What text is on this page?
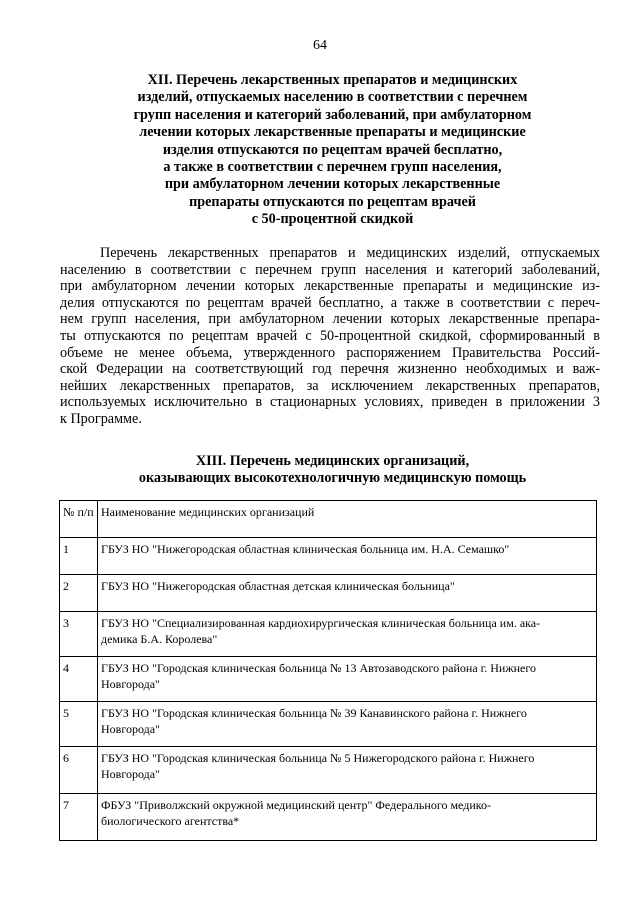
64
XII. Перечень лекарственных препаратов и медицинских
изделий, отпускаемых населению в соответствии с перечнем
групп населения и категорий заболеваний, при амбулаторном
лечении которых лекарственные препараты и медицинские
изделия отпускаются по рецептам врачей бесплатно,
а также в соответствии с перечнем групп населения,
при амбулаторном лечении которых лекарственные
препараты отпускаются по рецептам врачей
с 50-процентной скидкой
Перечень лекарственных препаратов и медицинских изделий, отпускаемых
населению в соответствии с перечнем групп населения и категорий заболеваний,
при амбулаторном лечении которых лекарственные препараты и медицинские из-
делия отпускаются по рецептам врачей бесплатно, а также в соответствии с переч-
нем групп населения, при амбулаторном лечении которых лекарственные препара-
ты отпускаются по рецептам врачей с 50-процентной скидкой, сформированный в
объеме не менее объема, утвержденного распоряжением Правительства Россий-
ской Федерации на соответствующий год перечня жизненно необходимых и важ-
нейших лекарственных препаратов, за исключением лекарственных препаратов,
используемых исключительно в стационарных условиях, приведен в приложении 3
к Программе.
XIII. Перечень медицинских организаций,
оказывающих высокотехнологичную медицинскую помощь
№ п/п	Наименование медицинских организаций
1	ГБУЗ НО "Нижегородская областная клиническая больница им. Н.А. Семашко"

2	ГБУЗ НО "Нижегородская областная детская клиническая больница"

3	ГБУЗ НО "Специализированная кардиохирургическая клиническая больница им. ака-
демика Б.А. Королева"

4	ГБУЗ НО "Городская клиническая больница № 13 Автозаводского района г. Нижнего
Новгорода"

5	ГБУЗ НО "Городская клиническая больница № 39 Канавинского района г. Нижнего
Новгорода"

6	ГБУЗ НО "Городская клиническая больница № 5 Нижегородского района г. Нижнего
Новгорода"

7	ФБУЗ "Приволжский окружной медицинский центр" Федерального медико-
биологического агентства*
